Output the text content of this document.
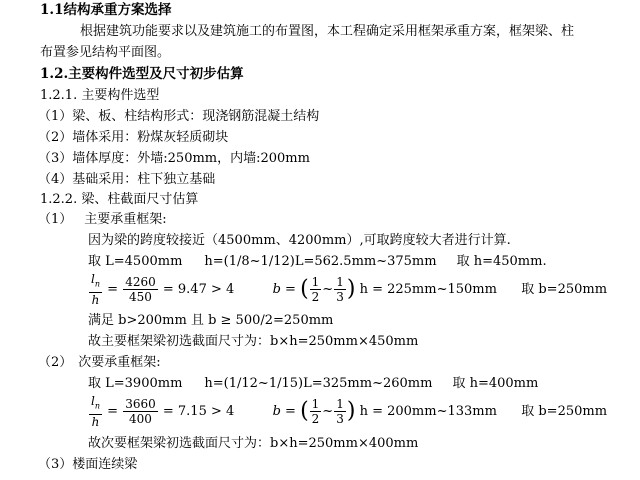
1.1结构承重方案选择
根据建筑功能要求以及建筑施工的布置图，本工程确定采用框架承重方案，框架梁、柱
布置参见结构平面图。
1.2.主要构件选型及尺寸初步估算
1.2.1. 主要构件选型
（1）梁、板、柱结构形式：现浇钢筋混凝土结构
（2）墙体采用：粉煤灰轻质砌块
（3）墙体厚度：外墙:250mm，内墙:200mm
（4）基础采用：柱下独立基础
1.2.2. 梁、柱截面尺寸估算
（1） 主要承重框架:
因为梁的跨度较接近（4500mm、4200mm）,可取跨度较大者进行计算.
取 L=4500mm h=(1/8~1/12)L=562.5mm~375mm 取 h=450mm.
$\frac{l_n}{h} = \frac{4260}{450} = 9.47 > 4$	b = ( $\frac{1}{2}$ ~ $\frac{1}{3}$ ) h = 225mm~150mm 取 b=250mm
满足 b>200mm 且 b ≥ 500/2=250mm
故主要框架梁初选截面尺寸为：b×h=250mm×450mm
（2） 次要承重框架:
取 L=3900mm h=(1/12~1/15)L=325mm~260mm 取 h=400mm
$\frac{l_n}{h} = \frac{3660}{400} = 7.15 > 4$	b = ( $\frac{1}{2}$ ~ $\frac{1}{3}$ ) h = 200mm~133mm 取 b=250mm
故次要框架梁初选截面尺寸为：b×h=250mm×400mm
（3）楼面连续梁
